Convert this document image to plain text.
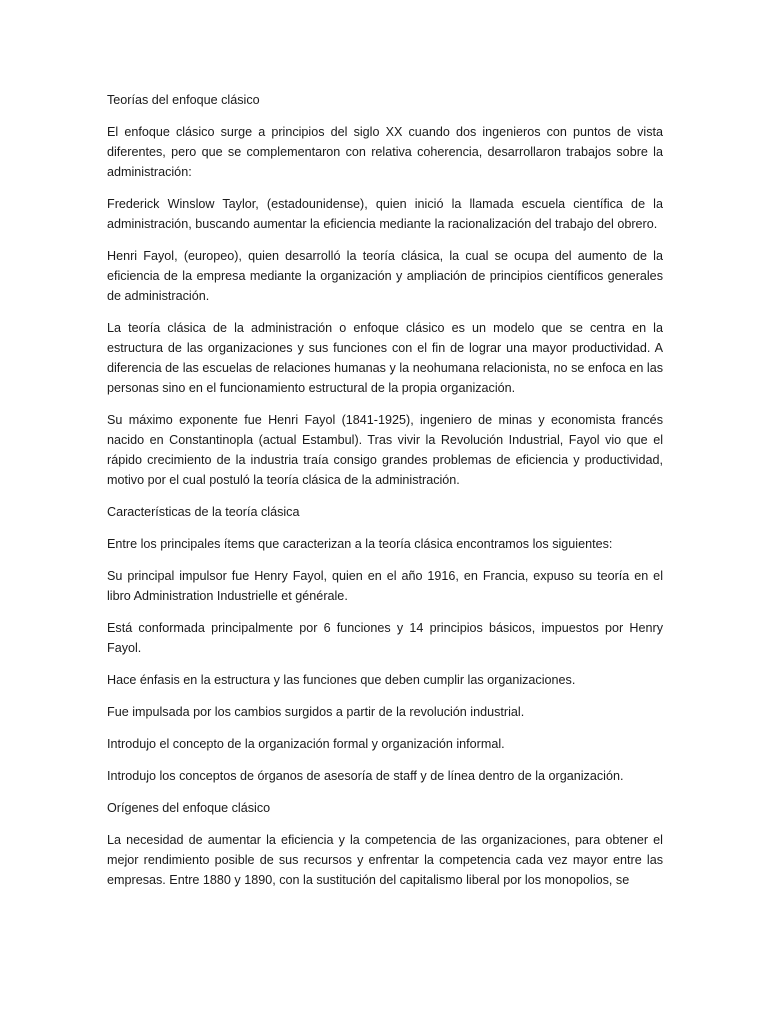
Teorías del enfoque clásico

El enfoque clásico surge a principios del siglo XX cuando dos ingenieros con puntos de vista diferentes, pero que se complementaron con relativa coherencia, desarrollaron trabajos sobre la administración:

Frederick Winslow Taylor, (estadounidense), quien inició la llamada escuela científica de la administración, buscando aumentar la eficiencia mediante la racionalización del trabajo del obrero.

Henri Fayol, (europeo), quien desarrolló la teoría clásica, la cual se ocupa del aumento de la eficiencia de la empresa mediante la organización y ampliación de principios científicos generales de administración.

La teoría clásica de la administración o enfoque clásico es un modelo que se centra en la estructura de las organizaciones y sus funciones con el fin de lograr una mayor productividad. A diferencia de las escuelas de relaciones humanas y la neohumana relacionista, no se enfoca en las personas sino en el funcionamiento estructural de la propia organización.

Su máximo exponente fue Henri Fayol (1841-1925), ingeniero de minas y economista francés nacido en Constantinopla (actual Estambul). Tras vivir la Revolución Industrial, Fayol vio que el rápido crecimiento de la industria traía consigo grandes problemas de eficiencia y productividad, motivo por el cual postuló la teoría clásica de la administración.

Características de la teoría clásica

Entre los principales ítems que caracterizan a la teoría clásica encontramos los siguientes:

Su principal impulsor fue Henry Fayol, quien en el año 1916, en Francia, expuso su teoría en el libro Administration Industrielle et générale.

Está conformada principalmente por 6 funciones y 14 principios básicos, impuestos por Henry Fayol.

Hace énfasis en la estructura y las funciones que deben cumplir las organizaciones.

Fue impulsada por los cambios surgidos a partir de la revolución industrial.

Introdujo el concepto de la organización formal y organización informal.

Introdujo los conceptos de órganos de asesoría de staff y de línea dentro de la organización.

Orígenes del enfoque clásico

La necesidad de aumentar la eficiencia y la competencia de las organizaciones, para obtener el mejor rendimiento posible de sus recursos y enfrentar la competencia cada vez mayor entre las empresas. Entre 1880 y 1890, con la sustitución del capitalismo liberal por los monopolios, se
